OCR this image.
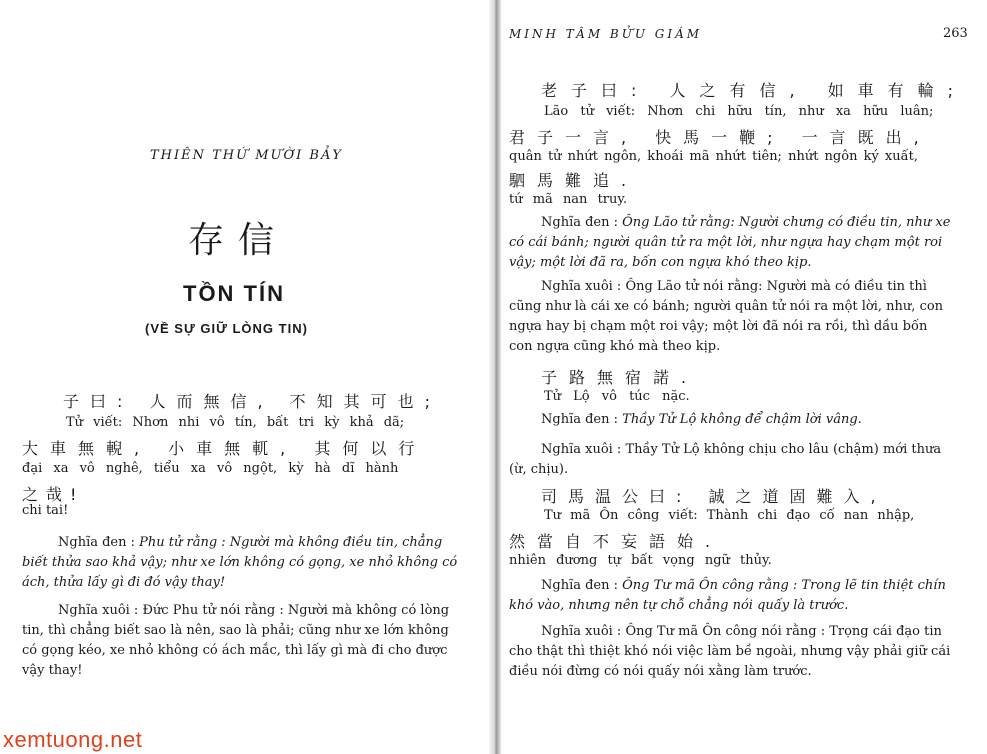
THIÊN THỨ MƯỜI BẢY
存信
TỒN TÍN
(VỀ SỰ GIỮ LÒNG TIN)
子曰: 人而無信, 不知其可也;
Tử viết: Nhơn nhi vô tín, bất tri kỳ khả dã;
大車無輗, 小車無軏, 其何以行
đại xa vô nghê, tiểu xa vô ngột, kỳ hà dĩ hành
之哉!
chi tai!
Nghĩa đen : Phu tử rằng : Người mà không điều tin, chẳng biết thửa sao khả vậy; như xe lớn không có gọng, xe nhỏ không có ách, thửa lấy gì đi đó vậy thay!
Nghĩa xuôi : Đức Phu tử nói rằng : Người mà không có lòng tin, thì chẳng biết sao là nên, sao là phải; cũng như xe lớn không có gọng kéo, xe nhỏ không có ách mắc, thì lấy gì mà đi cho được vậy thay!
MINH TÂM BỬU GIÁM	263
老子曰: 人之有信, 如車有輪;
Lão tử viết: Nhơn chi hữu tín, như xa hữu luân;
君子一言, 快馬一鞭; 一言既出,
quân tử nhứt ngôn, khoái mã nhứt tiên; nhứt ngôn ký xuất,
駟馬難追.
tứ mã nan truy.
Nghĩa đen : Ông Lão tử rằng: Người chưng có điều tin, như xe có cái bánh; người quân tử ra một lời, như ngựa hay chạm một roi vậy; một lời đã ra, bốn con ngựa khó theo kịp.
Nghĩa xuôi : Ông Lão tử nói rằng: Người mà có điều tin thì cũng như là cái xe có bánh; người quân tử nói ra một lời, như, con ngựa hay bị chạm một roi vậy; một lời đã nói ra rồi, thì dầu bốn con ngựa cũng khó mà theo kịp.
子路無宿諾.
Tử Lộ vô túc nặc.
Nghĩa đen : Thầy Tử Lộ không để chậm lời vâng.
Nghĩa xuôi : Thầy Tử Lộ không chịu cho lâu (chậm) mới thưa (ừ, chịu).
司馬温公曰: 誠之道固難入,
Tư mã Ôn công viết: Thành chi đạo cố nan nhập,
然當自不妄語始.
nhiên đương tự bất vọng ngữ thủy.
Nghĩa đen : Ông Tư mã Ôn công rằng : Trong lẽ tin thiệt chín khó vào, nhưng nên tự chỗ chẳng nói quấy là trước.
Nghĩa xuôi : Ông Tư mã Ôn công nói rằng : Trọng cái đạo tin cho thật thì thiệt khó nói việc làm bề ngoài, nhưng vậy phải giữ cái điều nói đừng có nói quấy nói xằng làm trước.
xemtuong.net
